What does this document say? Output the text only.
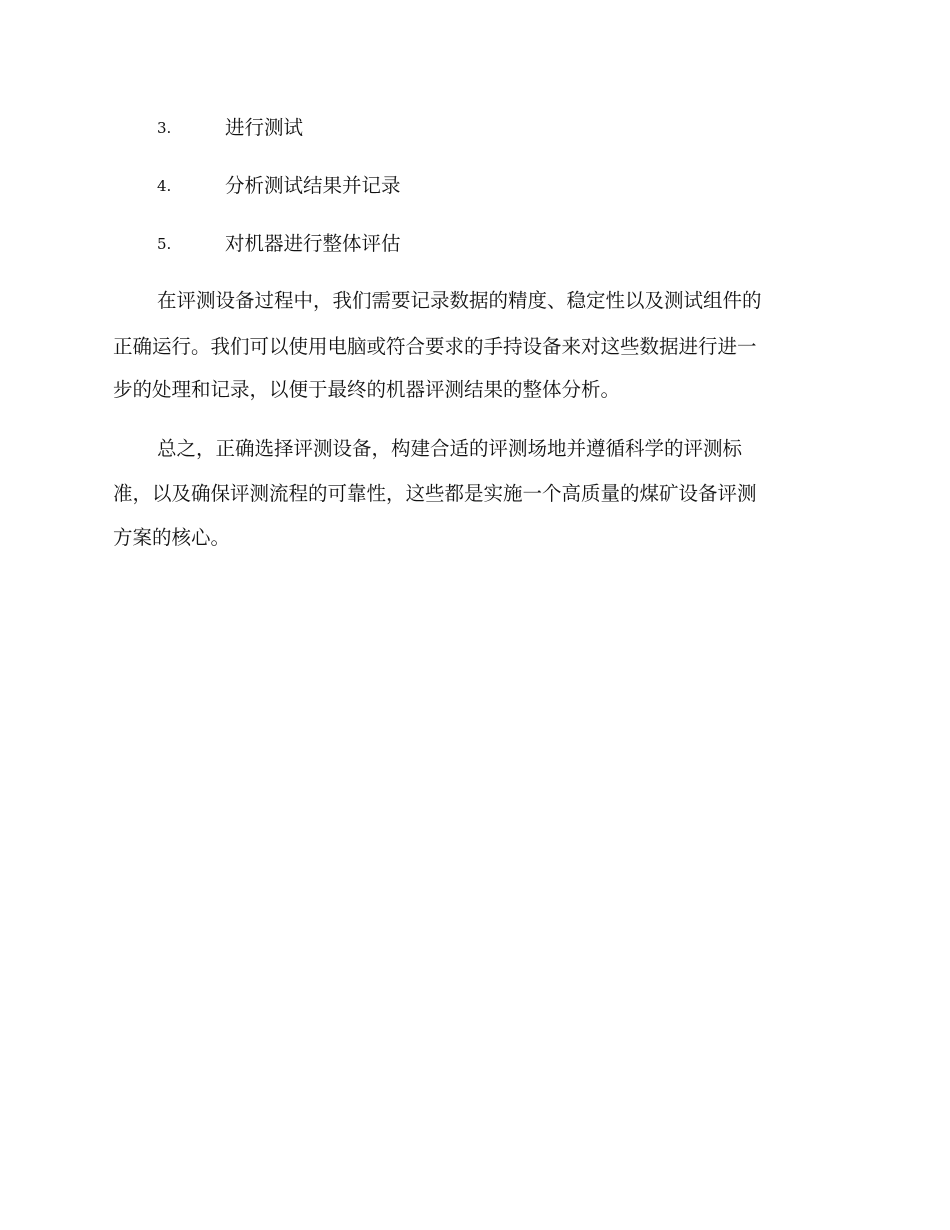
3.	进行测试
4.	分析测试结果并记录
5.	对机器进行整体评估
在评测设备过程中，我们需要记录数据的精度、稳定性以及测试组件的
正确运行。我们可以使用电脑或符合要求的手持设备来对这些数据进行进一
步的处理和记录，以便于最终的机器评测结果的整体分析。
总之，正确选择评测设备，构建合适的评测场地并遵循科学的评测标
准，以及确保评测流程的可靠性，这些都是实施一个高质量的煤矿设备评测
方案的核心。
